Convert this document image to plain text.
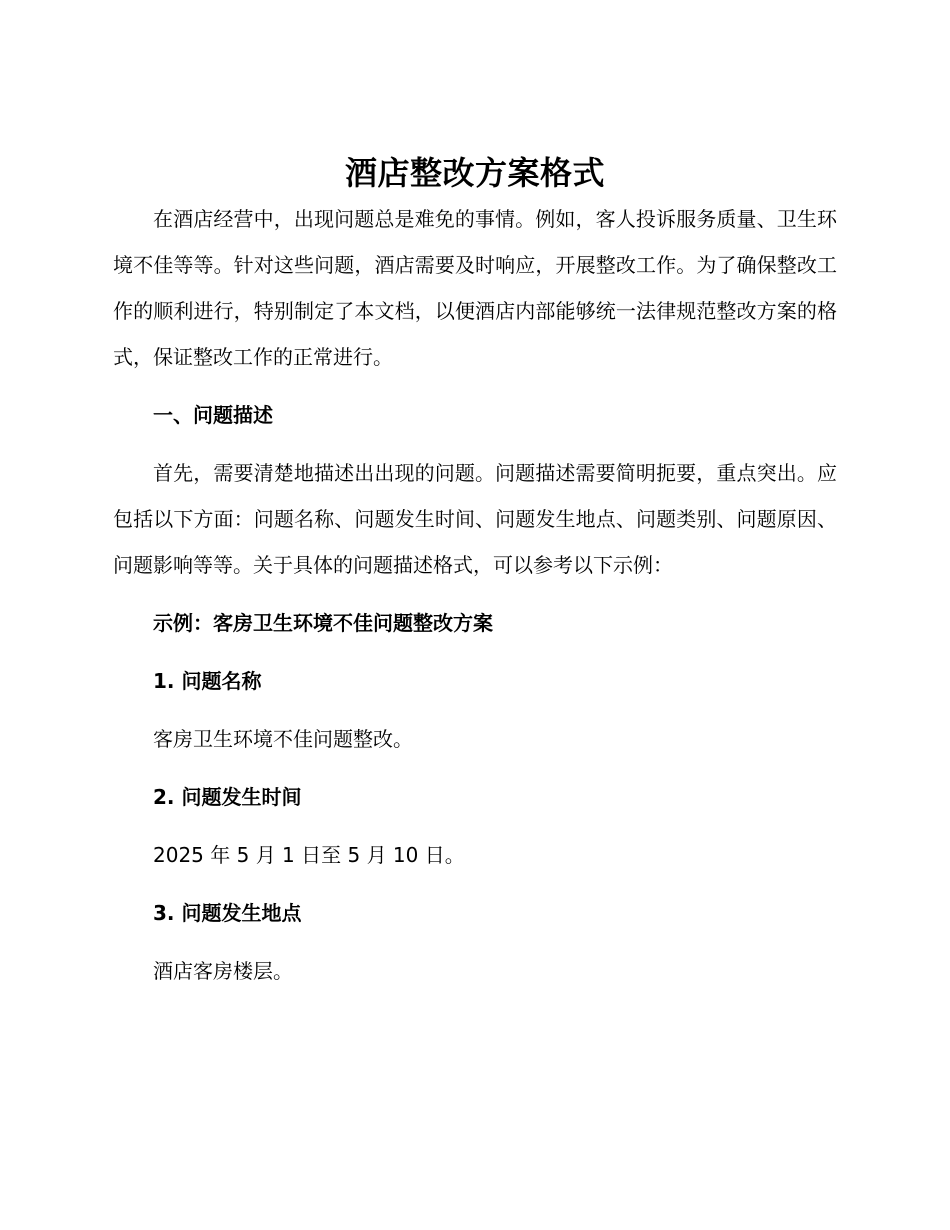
酒店整改方案格式

在酒店经营中，出现问题总是难免的事情。例如，客人投诉服务质量、卫生环境不佳等等。针对这些问题，酒店需要及时响应，开展整改工作。为了确保整改工作的顺利进行，特别制定了本文档，以便酒店内部能够统一法律规范整改方案的格式，保证整改工作的正常进行。

一、问题描述

首先，需要清楚地描述出出现的问题。问题描述需要简明扼要，重点突出。应包括以下方面：问题名称、问题发生时间、问题发生地点、问题类别、问题原因、问题影响等等。关于具体的问题描述格式，可以参考以下示例：

示例：客房卫生环境不佳问题整改方案

1. 问题名称

客房卫生环境不佳问题整改。

2. 问题发生时间

2025 年 5 月 1 日至 5 月 10 日。

3. 问题发生地点

酒店客房楼层。
